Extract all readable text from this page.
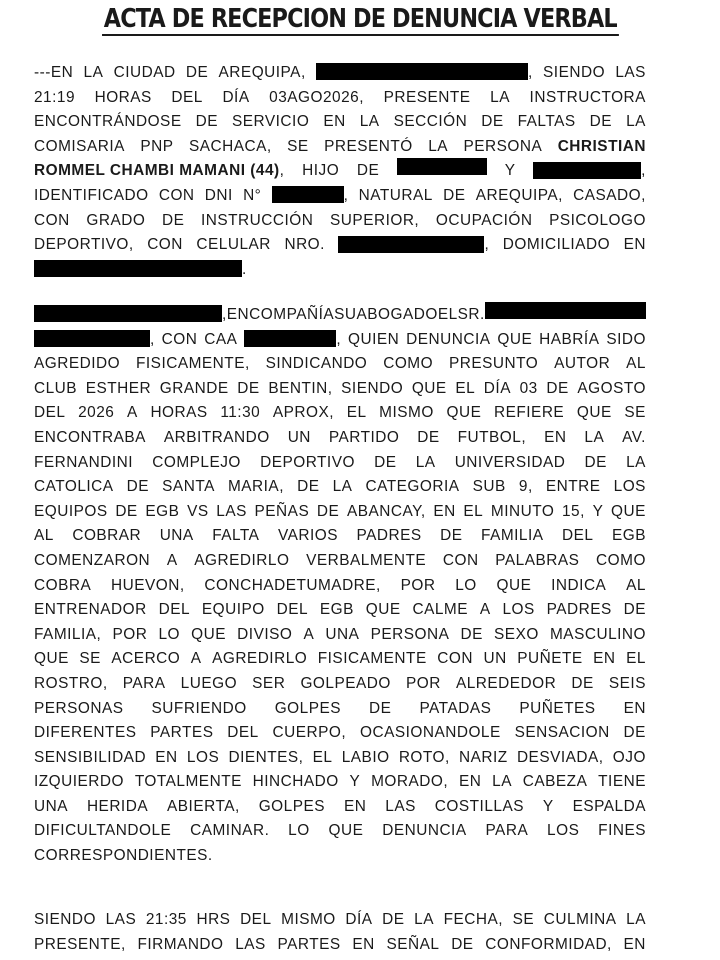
ACTA DE RECEPCION DE DENUNCIA VERBAL
---EN LA CIUDAD DE AREQUIPA,	, SIENDO LAS
21:19 HORAS DEL DÍA 03AGO2026, PRESENTE LA INSTRUCTORA
ENCONTRÁNDOSE DE SERVICIO EN LA SECCIÓN DE FALTAS DE LA
COMISARIA PNP SACHACA, SE PRESENTÓ LA PERSONA CHRISTIAN
ROMMEL CHAMBI MAMANI (44), HIJO DE	Y	,
IDENTIFICADO CON DNI N°	, NATURAL DE AREQUIPA, CASADO,
CON GRADO DE INSTRUCCIÓN SUPERIOR, OCUPACIÓN PSICOLOGO
DEPORTIVO, CON CELULAR NRO.	, DOMICILIADO EN
.
, EN COMPAÑÍA SU ABOGADO EL SR.
, CON CAA	, QUIEN DENUNCIA QUE HABRÍA SIDO
AGREDIDO FISICAMENTE, SINDICANDO COMO PRESUNTO AUTOR AL
CLUB ESTHER GRANDE DE BENTIN, SIENDO QUE EL DÍA 03 DE AGOSTO
DEL 2026 A HORAS 11:30 APROX, EL MISMO QUE REFIERE QUE SE
ENCONTRABA ARBITRANDO UN PARTIDO DE FUTBOL, EN LA AV.
FERNANDINI COMPLEJO DEPORTIVO DE LA UNIVERSIDAD DE LA
CATOLICA DE SANTA MARIA, DE LA CATEGORIA SUB 9, ENTRE LOS
EQUIPOS DE EGB VS LAS PEÑAS DE ABANCAY, EN EL MINUTO 15, Y QUE
AL COBRAR UNA FALTA VARIOS PADRES DE FAMILIA DEL EGB
COMENZARON A AGREDIRLO VERBALMENTE CON PALABRAS COMO
COBRA HUEVON, CONCHADETUMADRE, POR LO QUE INDICA AL
ENTRENADOR DEL EQUIPO DEL EGB QUE CALME A LOS PADRES DE
FAMILIA, POR LO QUE DIVISO A UNA PERSONA DE SEXO MASCULINO
QUE SE ACERCO A AGREDIRLO FISICAMENTE CON UN PUÑETE EN EL
ROSTRO, PARA LUEGO SER GOLPEADO POR ALREDEDOR DE SEIS
PERSONAS SUFRIENDO GOLPES DE PATADAS PUÑETES EN
DIFERENTES PARTES DEL CUERPO, OCASIONANDOLE SENSACION DE
SENSIBILIDAD EN LOS DIENTES, EL LABIO ROTO, NARIZ DESVIADA, OJO
IZQUIERDO TOTALMENTE HINCHADO Y MORADO, EN LA CABEZA TIENE
UNA HERIDA ABIERTA, GOLPES EN LAS COSTILLAS Y ESPALDA
DIFICULTANDOLE CAMINAR. LO QUE DENUNCIA PARA LOS FINES
CORRESPONDIENTES.
SIENDO LAS 21:35 HRS DEL MISMO DÍA DE LA FECHA, SE CULMINA LA
PRESENTE, FIRMANDO LAS PARTES EN SEÑAL DE CONFORMIDAD, EN
